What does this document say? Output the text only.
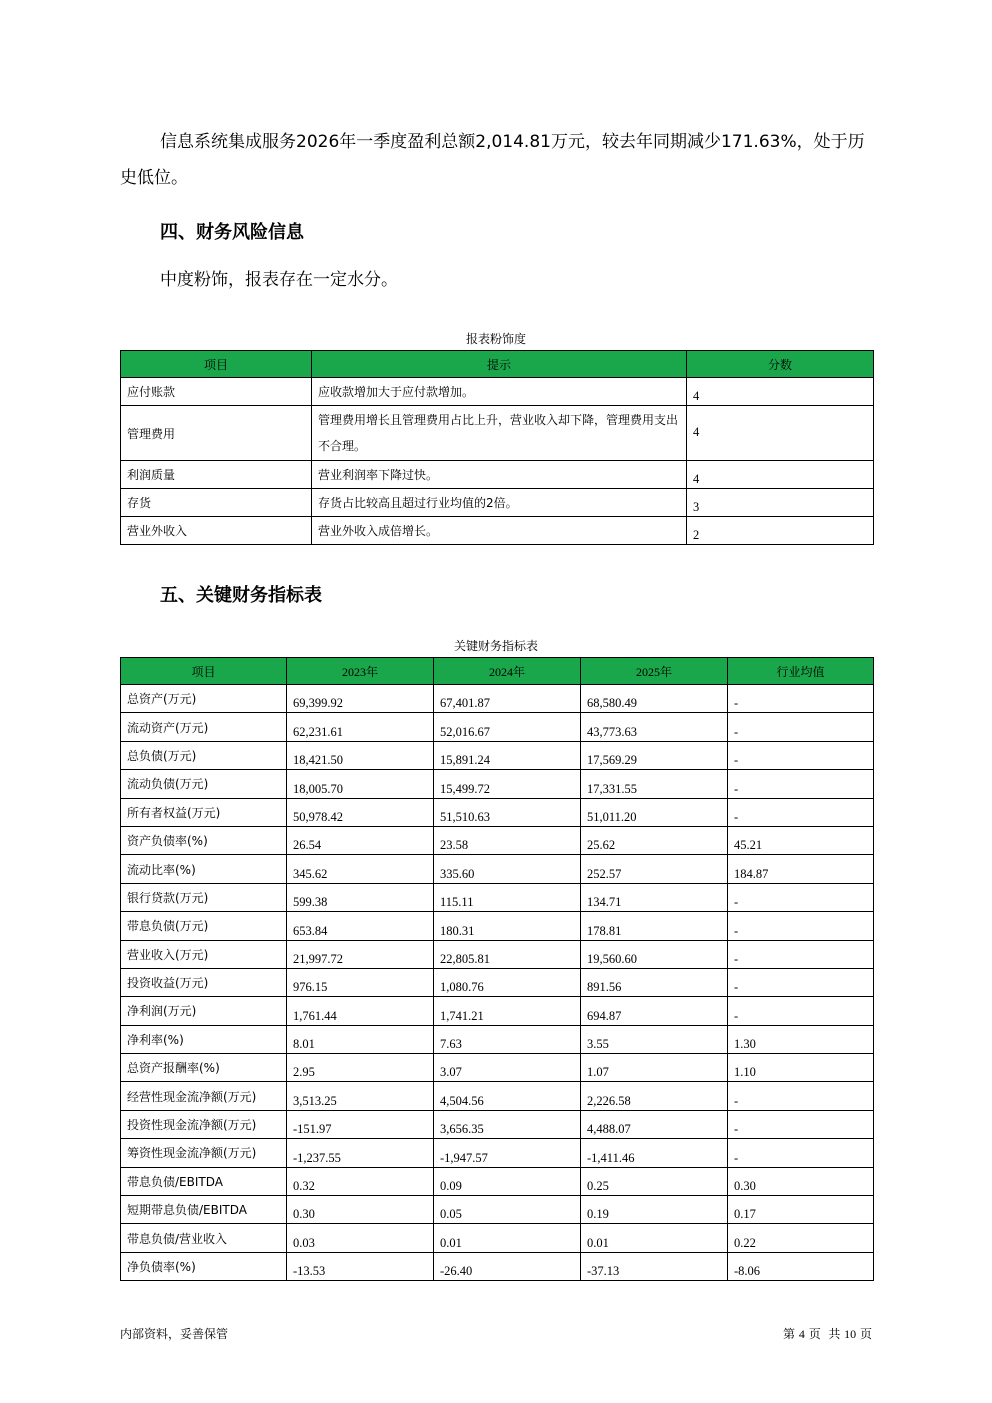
信息系统集成服务2026年一季度盈利总额2,014.81万元，较去年同期减少171.63%，处于历史低位。

四、财务风险信息

中度粉饰，报表存在一定水分。

报表粉饰度
项目	提示	分数
应付账款	应收款增加大于应付款增加。	4
管理费用	管理费用增长且管理费用占比上升，营业收入却下降，管理费用支出不合理。	4
利润质量	营业利润率下降过快。	4
存货	存货占比较高且超过行业均值的2倍。	3
营业外收入	营业外收入成倍增长。	2
五、关键财务指标表
关键财务指标表
项目	2023年	2024年	2025年	行业均值
总资产(万元)	69,399.92	67,401.87	68,580.49	-
流动资产(万元)	62,231.61	52,016.67	43,773.63	-
总负债(万元)	18,421.50	15,891.24	17,569.29	-
流动负债(万元)	18,005.70	15,499.72	17,331.55	-
所有者权益(万元)	50,978.42	51,510.63	51,011.20	-
资产负债率(%)	26.54	23.58	25.62	45.21
流动比率(%)	345.62	335.60	252.57	184.87
银行贷款(万元)	599.38	115.11	134.71	-
带息负债(万元)	653.84	180.31	178.81	-
营业收入(万元)	21,997.72	22,805.81	19,560.60	-
投资收益(万元)	976.15	1,080.76	891.56	-
净利润(万元)	1,761.44	1,741.21	694.87	-
净利率(%)	8.01	7.63	3.55	1.30
总资产报酬率(%)	2.95	3.07	1.07	1.10
经营性现金流净额(万元)	3,513.25	4,504.56	2,226.58	-
投资性现金流净额(万元)	-151.97	3,656.35	4,488.07	-
筹资性现金流净额(万元)	-1,237.55	-1,947.57	-1,411.46	-
带息负债/EBITDA	0.32	0.09	0.25	0.30
短期带息负债/EBITDA	0.30	0.05	0.19	0.17
带息负债/营业收入	0.03	0.01	0.01	0.22
净负债率(%)	-13.53	-26.40	-37.13	-8.06
内部资料，妥善保管	第 4 页  共 10 页
